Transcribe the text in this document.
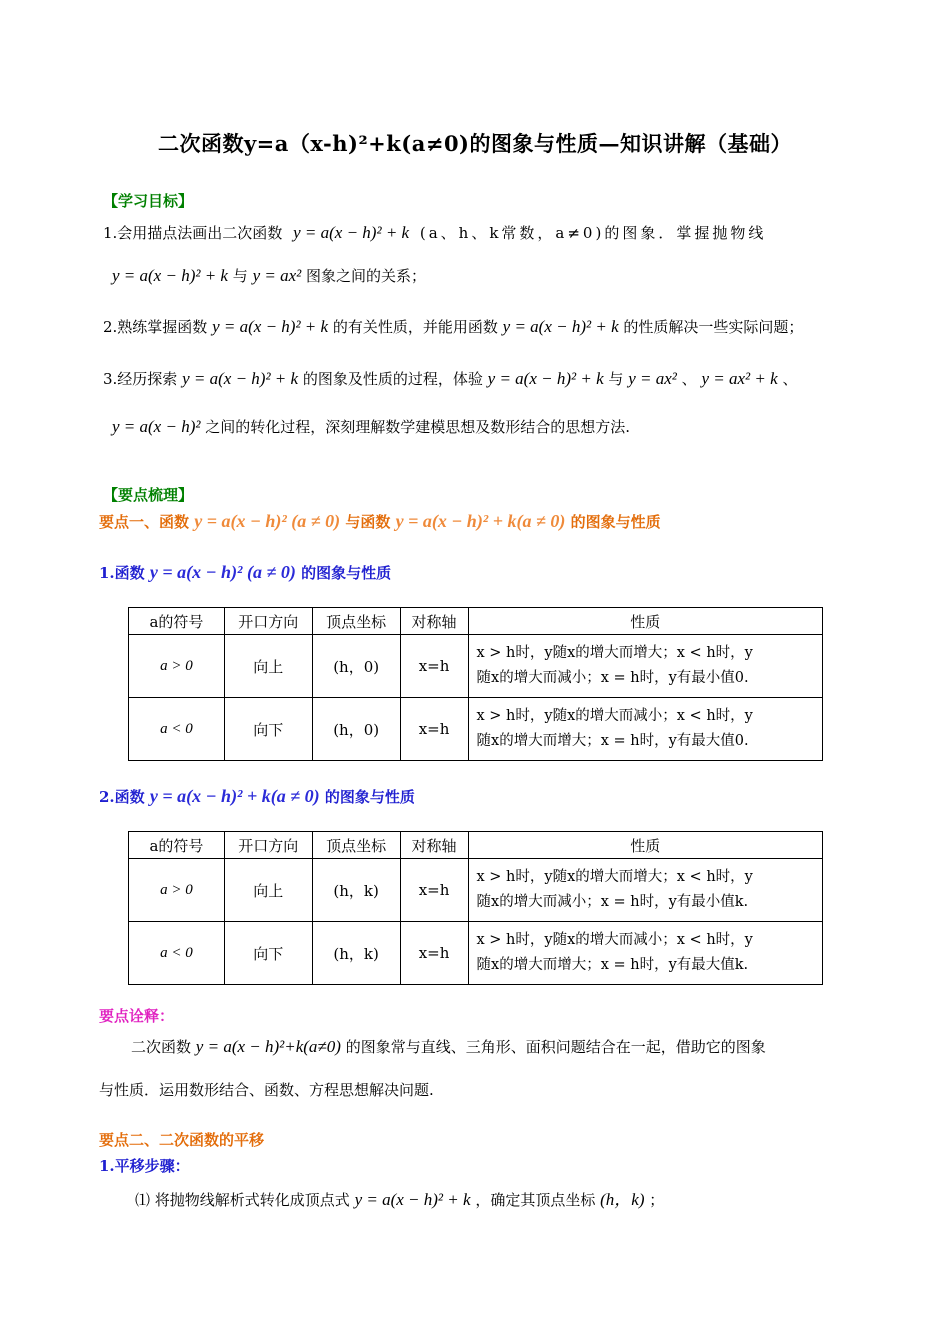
二次函数y=a（x-h)²+k(a≠0)的图象与性质—知识讲解（基础）
【学习目标】
1.会用描点法画出二次函数 y = a(x − h)² + k (a、h、k常数，a≠0)的图象．掌握抛物线
y = a(x − h)² + k 与 y = ax² 图象之间的关系；
2.熟练掌握函数 y = a(x − h)² + k 的有关性质，并能用函数 y = a(x − h)² + k 的性质解决一些实际问题；
3.经历探索 y = a(x − h)² + k 的图象及性质的过程，体验 y = a(x − h)² + k 与 y = ax² 、 y = ax² + k 、
y = a(x − h)² 之间的转化过程，深刻理解数学建模思想及数形结合的思想方法.
【要点梳理】
要点一、函数 y = a(x − h)² (a ≠ 0) 与函数 y = a(x − h)² + k(a ≠ 0) 的图象与性质
1.函数 y = a(x − h)² (a ≠ 0) 的图象与性质
a的符号	开口方向	顶点坐标	对称轴	性质
a > 0	向上	(h，0)	x=h	x > h时，y随x的增大而增大；x < h时，y
随x的增大而减小；x = h时，y有最小值0.

a < 0	向下	(h，0)	x=h	x > h时，y随x的增大而减小；x < h时，y
随x的增大而增大；x = h时，y有最大值0.
2.函数 y = a(x − h)² + k(a ≠ 0) 的图象与性质
a的符号	开口方向	顶点坐标	对称轴	性质
a > 0	向上	(h，k)	x=h	x > h时，y随x的增大而增大；x < h时，y
随x的增大而减小；x = h时，y有最小值k.

a < 0	向下	(h，k)	x=h	x > h时，y随x的增大而减小；x < h时，y
随x的增大而增大；x = h时，y有最大值k.
要点诠释：
二次函数 y = a(x − h)²+k(a≠0) 的图象常与直线、三角形、面积问题结合在一起，借助它的图象
与性质．运用数形结合、函数、方程思想解决问题.
要点二、二次函数的平移
1.平移步骤：
⑴ 将抛物线解析式转化成顶点式 y = a(x − h)² + k ，确定其顶点坐标 (h，k) ；
